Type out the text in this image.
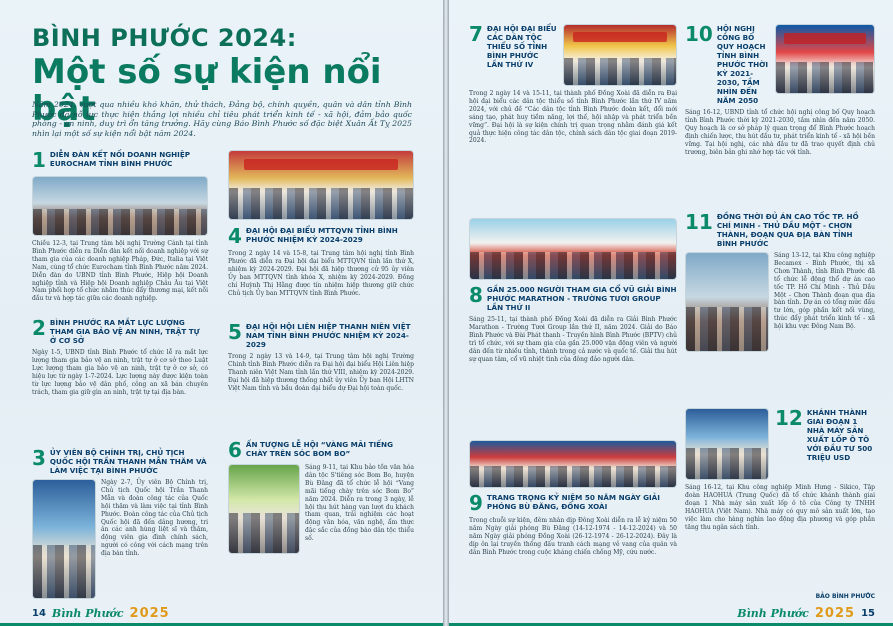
BÌNH PHƯỚC 2024:
Một số sự kiện nổi bật
Năm 2024, vượt qua nhiều khó khăn, thử thách, Đảng bộ, chính quyền, quân và dân tỉnh Bình Phước đã nỗ lực thực hiện thắng lợi nhiều chỉ tiêu phát triển kinh tế - xã hội, đảm bảo quốc phòng - an ninh, duy trì ổn tăng trưởng. Hãy cùng Báo Bình Phước số đặc biệt Xuân Ất Tỵ 2025 nhìn lại một số sự kiện nổi bật năm 2024.
1 DIỄN ĐÀN KẾT NỐI DOANH NGHIỆP EUROCHAM TỈNH BÌNH PHƯỚC
Chiều 12-3, tại Trung tâm hội nghị Trường Cánh tại tỉnh Bình Phước diễn ra Diễn đàn kết nối doanh nghiệp với sự tham gia của các doanh nghiệp Pháp, Đức, Italia tại Việt Nam, cùng tổ chức Eurocham tỉnh Bình Phước năm 2024. Diễn đàn do UBND tỉnh Bình Phước, Hiệp hội Doanh nghiệp tỉnh và Hiệp hội Doanh nghiệp Châu Âu tại Việt Nam phối hợp tổ chức nhằm thúc đẩy thương mại, kết nối đầu tư và hợp tác giữa các doanh nghiệp.
2 BÌNH PHƯỚC RA MẮT LỰC LƯỢNG THAM GIA BẢO VỆ AN NINH, TRẬT TỰ Ở CƠ SỞ
Ngày 1-5, UBND tỉnh Bình Phước tổ chức lễ ra mắt lực lượng tham gia bảo vệ an ninh, trật tự ở cơ sở theo Luật Lực lượng tham gia bảo vệ an ninh, trật tự ở cơ sở, có hiệu lực từ ngày 1-7-2024. Lực lượng này được kiện toàn từ lực lượng bảo vệ dân phố, công an xã bán chuyên trách, tham gia giữ gìn an ninh, trật tự tại địa bàn.
3 ỦY VIÊN BỘ CHÍNH TRỊ, CHỦ TỊCH QUỐC HỘI TRẦN THANH MẪN THĂM VÀ LÀM VIỆC TẠI BÌNH PHƯỚC
Ngày 2-7, Ủy viên Bộ Chính trị, Chủ tịch Quốc hội Trần Thanh Mẫn và đoàn công tác của Quốc hội thăm và làm việc tại tỉnh Bình Phước. Đoàn công tác của Chủ tịch Quốc hội đã đến dâng hương, tri ân các anh hùng liệt sĩ và thăm, động viên gia đình chính sách, người có công với cách mạng trên địa bàn tỉnh.
4 ĐẠI HỘI ĐẠI BIỂU MTTQVN TỈNH BÌNH PHƯỚC NHIỆM KỲ 2024-2029
Trong 2 ngày 14 và 15-8, tại Trung tâm hội nghị tỉnh Bình Phước đã diễn ra Đại hội đại biểu MTTQVN tỉnh lần thứ X, nhiệm kỳ 2024-2029. Đại hội đã hiệp thương cử 95 ủy viên Ủy ban MTTQVN tỉnh khóa X, nhiệm kỳ 2024-2029. Đồng chí Huỳnh Thị Hằng được tín nhiệm hiệp thương giữ chức Chủ tịch Ủy ban MTTQVN tỉnh Bình Phước.
5 ĐẠI HỘI HỘI LIÊN HIỆP THANH NIÊN VIỆT NAM TỈNH BÌNH PHƯỚC NHIỆM KỲ 2024-2029
Trong 2 ngày 13 và 14-9, tại Trung tâm hội nghị Trường Chinh tỉnh Bình Phước diễn ra Đại hội đại biểu Hội Liên hiệp Thanh niên Việt Nam tỉnh lần thứ VIII, nhiệm kỳ 2024-2029. Đại hội đã hiệp thương thống nhất ủy viên Ủy ban Hội LHTN Việt Nam tỉnh và bầu đoàn đại biểu dự Đại hội toàn quốc.
6 ẤN TƯỢNG LỄ HỘI “VÀNG MÃI TIẾNG CHÀY TRÊN SÓC BOM BO”
Sáng 9-11, tại Khu bảo tồn văn hóa dân tộc S'tiêng sóc Bom Bo, huyện Bù Đăng đã tổ chức lễ hội “Vang mãi tiếng chày trên sóc Bom Bo” năm 2024. Diễn ra trong 3 ngày, lễ hội thu hút hàng vạn lượt du khách tham quan, trải nghiệm các hoạt động văn hóa, văn nghệ, ẩm thực đặc sắc của đồng bào dân tộc thiểu số.
14 Bình Phước 2025
7 ĐẠI HỘI ĐẠI BIỂU CÁC DÂN TỘC THIỂU SỐ TỈNH BÌNH PHƯỚC LẦN THỨ IV
Trong 2 ngày 14 và 15-11, tại thành phố Đồng Xoài đã diễn ra Đại hội đại biểu các dân tộc thiểu số tỉnh Bình Phước lần thứ IV năm 2024, với chủ đề “Các dân tộc tỉnh Bình Phước đoàn kết, đổi mới sáng tạo, phát huy tiềm năng, lợi thế, hội nhập và phát triển bền vững”. Đại hội là sự kiện chính trị quan trọng nhằm đánh giá kết quả thực hiện công tác dân tộc, chính sách dân tộc giai đoạn 2019-2024.
8 GẦN 25.000 NGƯỜI THAM GIA CỔ VŨ GIẢI BÌNH PHƯỚC MARATHON - TRƯỜNG TƯƠI GROUP LẦN THỨ II
Sáng 25-11, tại thành phố Đồng Xoài đã diễn ra Giải Bình Phước Marathon - Trường Tươi Group lần thứ II, năm 2024. Giải do Báo Bình Phước và Đài Phát thanh - Truyền hình Bình Phước (BPTV) chủ trì tổ chức, với sự tham gia của gần 25.000 vận động viên và người dân đến từ nhiều tỉnh, thành trong cả nước và quốc tế. Giải thu hút sự quan tâm, cổ vũ nhiệt tình của đông đảo người dân.
9 TRANG TRỌNG KỶ NIỆM 50 NĂM NGÀY GIẢI PHÓNG BÙ ĐĂNG, ĐỒNG XOÀI
Trong chuỗi sự kiện, đêm nhân dịp Đông Xoài diễn ra lễ kỷ niệm 50 năm Ngày giải phóng Bù Đăng (14-12-1974 - 14-12-2024) và 50 năm Ngày giải phóng Đồng Xoài (26-12-1974 - 26-12-2024). Đây là dịp ôn lại truyền thống đấu tranh cách mạng vẻ vang của quân và dân Bình Phước trong cuộc kháng chiến chống Mỹ, cứu nước.
10 HỘI NGHỊ CÔNG BỐ QUY HOẠCH TỈNH BÌNH PHƯỚC THỜI KỲ 2021-2030, TẦM NHÌN ĐẾN NĂM 2050
Sáng 16-12, UBND tỉnh tổ chức hội nghị công bố Quy hoạch tỉnh Bình Phước thời kỳ 2021-2030, tầm nhìn đến năm 2050. Quy hoạch là cơ sở pháp lý quan trọng để Bình Phước hoạch định chiến lược, thu hút đầu tư, phát triển kinh tế - xã hội bền vững. Tại hội nghị, các nhà đầu tư đã trao quyết định chủ trương, biên bản ghi nhớ hợp tác với tỉnh.
11 ĐỒNG THỜI ĐỦ ÁN CAO TỐC TP. HỒ CHÍ MINH - THỦ DẦU MỘT - CHƠN THÀNH, ĐOẠN QUA ĐỊA BÀN TỈNH BÌNH PHƯỚC
Sáng 13-12, tại Khu công nghiệp Becamex - Bình Phước, thị xã Chơn Thành, tỉnh Bình Phước đã tổ chức lễ động thổ dự án cao tốc TP. Hồ Chí Minh - Thủ Dầu Một - Chơn Thành đoạn qua địa bàn tỉnh. Dự án có tổng mức đầu tư lớn, góp phần kết nối vùng, thúc đẩy phát triển kinh tế - xã hội khu vực Đông Nam Bộ.
12 KHÁNH THÀNH GIAI ĐOẠN 1 NHÀ MÁY SẢN XUẤT LỐP Ô TÔ VỚI ĐẦU TƯ 500 TRIỆU USD
Sáng 16-12, tại Khu công nghiệp Minh Hưng - Sikico, Tập đoàn HAOHUA (Trung Quốc) đã tổ chức khánh thành giai đoạn 1 Nhà máy sản xuất lốp ô tô của Công ty TNHH HAOHUA (Việt Nam). Nhà máy có quy mô sản xuất lớn, tạo việc làm cho hàng nghìn lao động địa phương và góp phần tăng thu ngân sách tỉnh.
BẢO BÌNH PHƯỚC
Bình Phước 2025 15
